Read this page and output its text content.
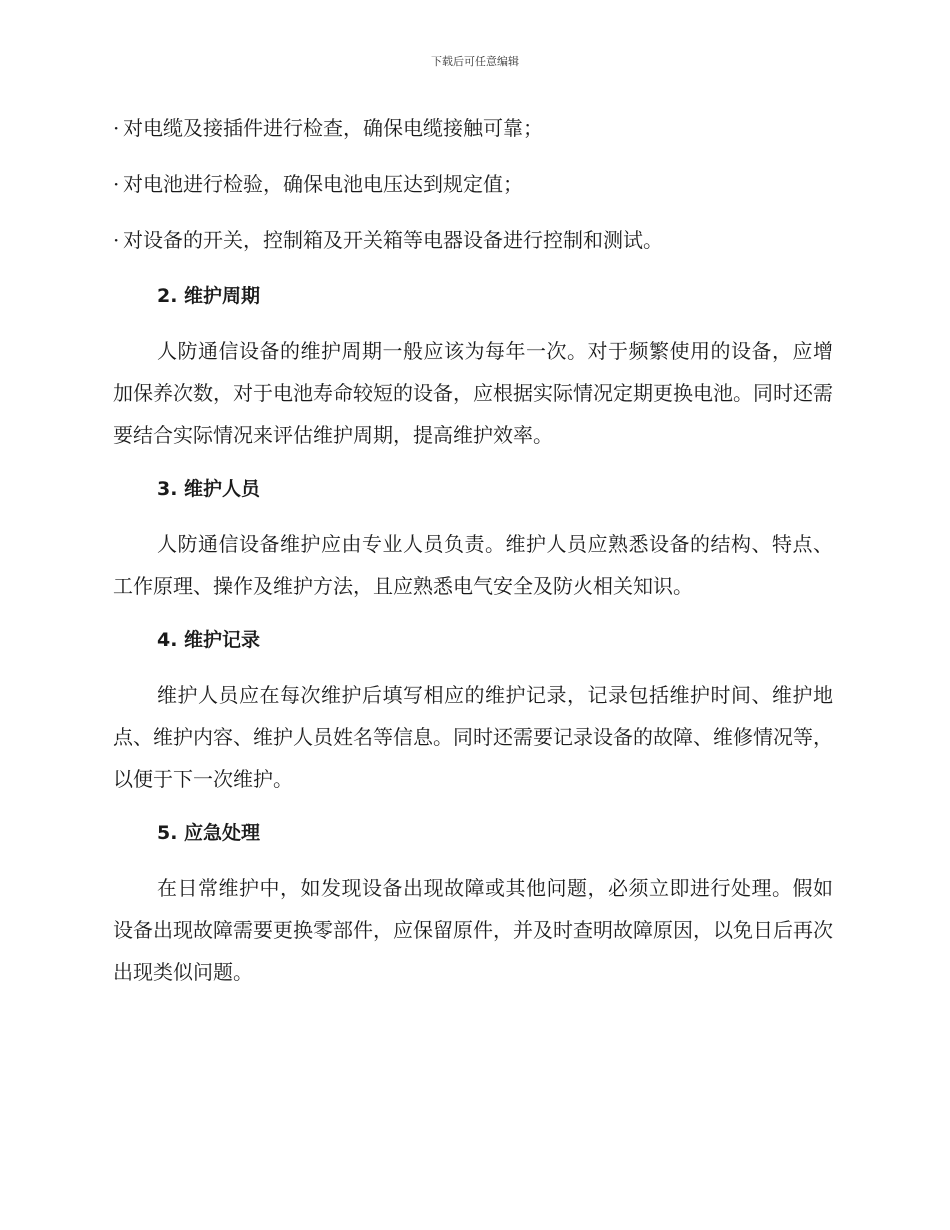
下载后可任意编辑
· 对电缆及接插件进行检查，确保电缆接触可靠；
· 对电池进行检验，确保电池电压达到规定值；
· 对设备的开关，控制箱及开关箱等电器设备进行控制和测试。
2. 维护周期

人防通信设备的维护周期一般应该为每年一次。对于频繁使用的设备，应增加保养次数，对于电池寿命较短的设备，应根据实际情况定期更换电池。同时还需要结合实际情况来评估维护周期，提高维护效率。

3. 维护人员

人防通信设备维护应由专业人员负责。维护人员应熟悉设备的结构、特点、工作原理、操作及维护方法，且应熟悉电气安全及防火相关知识。

4. 维护记录

维护人员应在每次维护后填写相应的维护记录，记录包括维护时间、维护地点、维护内容、维护人员姓名等信息。同时还需要记录设备的故障、维修情况等，以便于下一次维护。

5. 应急处理

在日常维护中，如发现设备出现故障或其他问题，必须立即进行处理。假如设备出现故障需要更换零部件，应保留原件，并及时查明故障原因，以免日后再次出现类似问题。
